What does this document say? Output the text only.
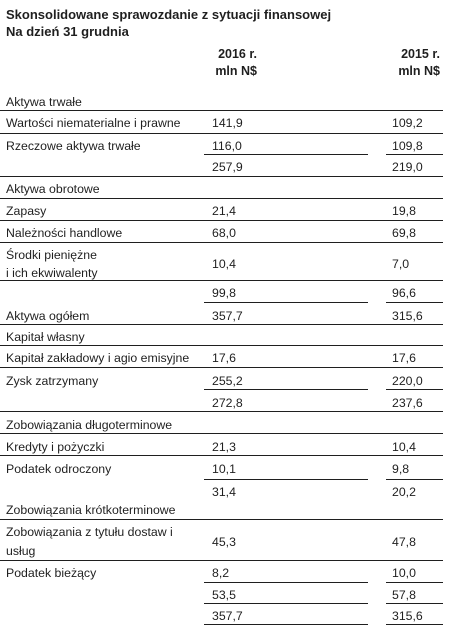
Skonsolidowane sprawozdanie z sytuacji finansowej
Na dzień 31 grudnia
2016 r.
mln N$
2015 r.
mln N$
Aktywa trwałe
Wartości niematerialne i prawne	141,9	109,2
Rzeczowe aktywa trwałe	116,0	109,8
257,9	219,0
Aktywa obrotowe
Zapasy	21,4	19,8
Należności handlowe	68,0	69,8
Środki pieniężne
i ich ekwiwalenty
10,4	7,0
99,8	96,6
Aktywa ogółem	357,7	315,6
Kapitał własny
Kapitał zakładowy i agio emisyjne 17,6	17,6
Zysk zatrzymany	255,2	220,0
272,8	237,6
Zobowiązania długoterminowe
Kredyty i pożyczki	21,3	10,4
Podatek odroczony	10,1	9,8
31,4	20,2
Zobowiązania krótkoterminowe
Zobowiązania z tytułu dostaw i
usług
45,3	47,8
Podatek bieżący	8,2	10,0
53,5	57,8
357,7	315,6
